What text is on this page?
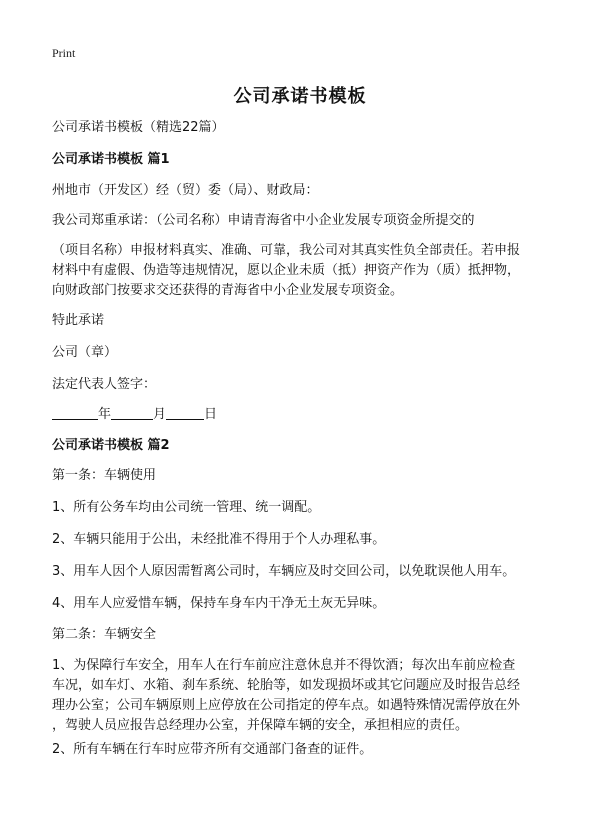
Print
公司承诺书模板
公司承诺书模板（精选22篇）
公司承诺书模板 篇1
州地市（开发区）经（贸）委（局）、财政局：
我公司郑重承诺：（公司名称）申请青海省中小企业发展专项资金所提交的
（项目名称）申报材料真实、准确、可靠，我公司对其真实性负全部责任。若申报
材料中有虚假、伪造等违规情况，愿以企业未质（抵）押资产作为（质）抵押物，
向财政部门按要求交还获得的青海省中小企业发展专项资金。
特此承诺
公司（章）
法定代表人签字：
年	月	日
公司承诺书模板 篇2
第一条：车辆使用
1、所有公务车均由公司统一管理、统一调配。
2、车辆只能用于公出，未经批准不得用于个人办理私事。
3、用车人因个人原因需暂离公司时，车辆应及时交回公司，以免耽误他人用车。
4、用车人应爱惜车辆，保持车身车内干净无土灰无异味。
第二条：车辆安全
1、为保障行车安全，用车人在行车前应注意休息并不得饮酒；每次出车前应检查
车况，如车灯、水箱、刹车系统、轮胎等，如发现损坏或其它问题应及时报告总经
理办公室；公司车辆原则上应停放在公司指定的停车点。如遇特殊情况需停放在外
，驾驶人员应报告总经理办公室，并保障车辆的安全，承担相应的责任。
2、所有车辆在行车时应带齐所有交通部门备查的证件。
